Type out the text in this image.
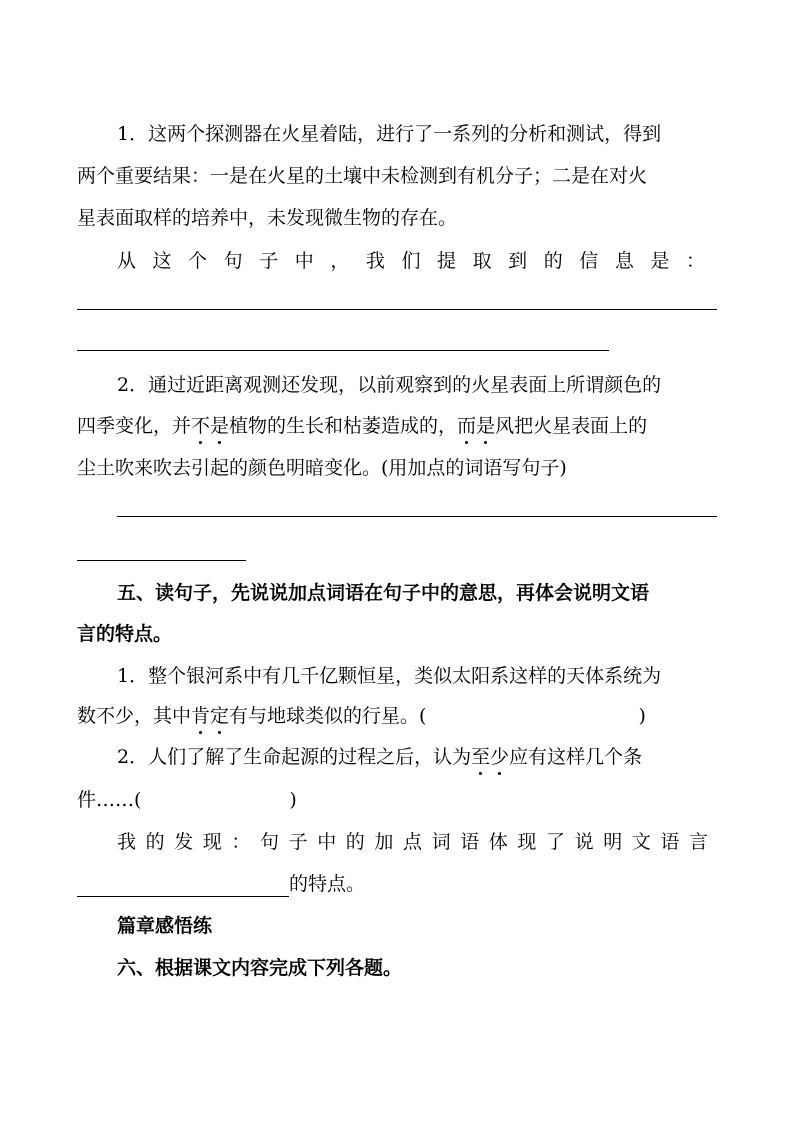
1．这两个探测器在火星着陆，进行了一系列的分析和测试，得到
两个重要结果：一是在火星的土壤中未检测到有机分子；二是在对火
星表面取样的培养中，未发现微生物的存在。
从这个句子中，我们提取到的信息是：
2．通过近距离观测还发现，以前观察到的火星表面上所谓颜色的
四季变化，并不是植物的生长和枯萎造成的，而是风把火星表面上的
尘土吹来吹去引起的颜色明暗变化。(用加点的词语写句子)
五、读句子，先说说加点词语在句子中的意思，再体会说明文语
言的特点。
1．整个银河系中有几千亿颗恒星，类似太阳系这样的天体系统为
数不少，其中肯定有与地球类似的行星。(	)
2．人们了解了生命起源的过程之后，认为至少应有这样几个条
件……(	)
我的发现：句子中的加点词语体现了说明文语言
的特点。
篇章感悟练
六、根据课文内容完成下列各题。
